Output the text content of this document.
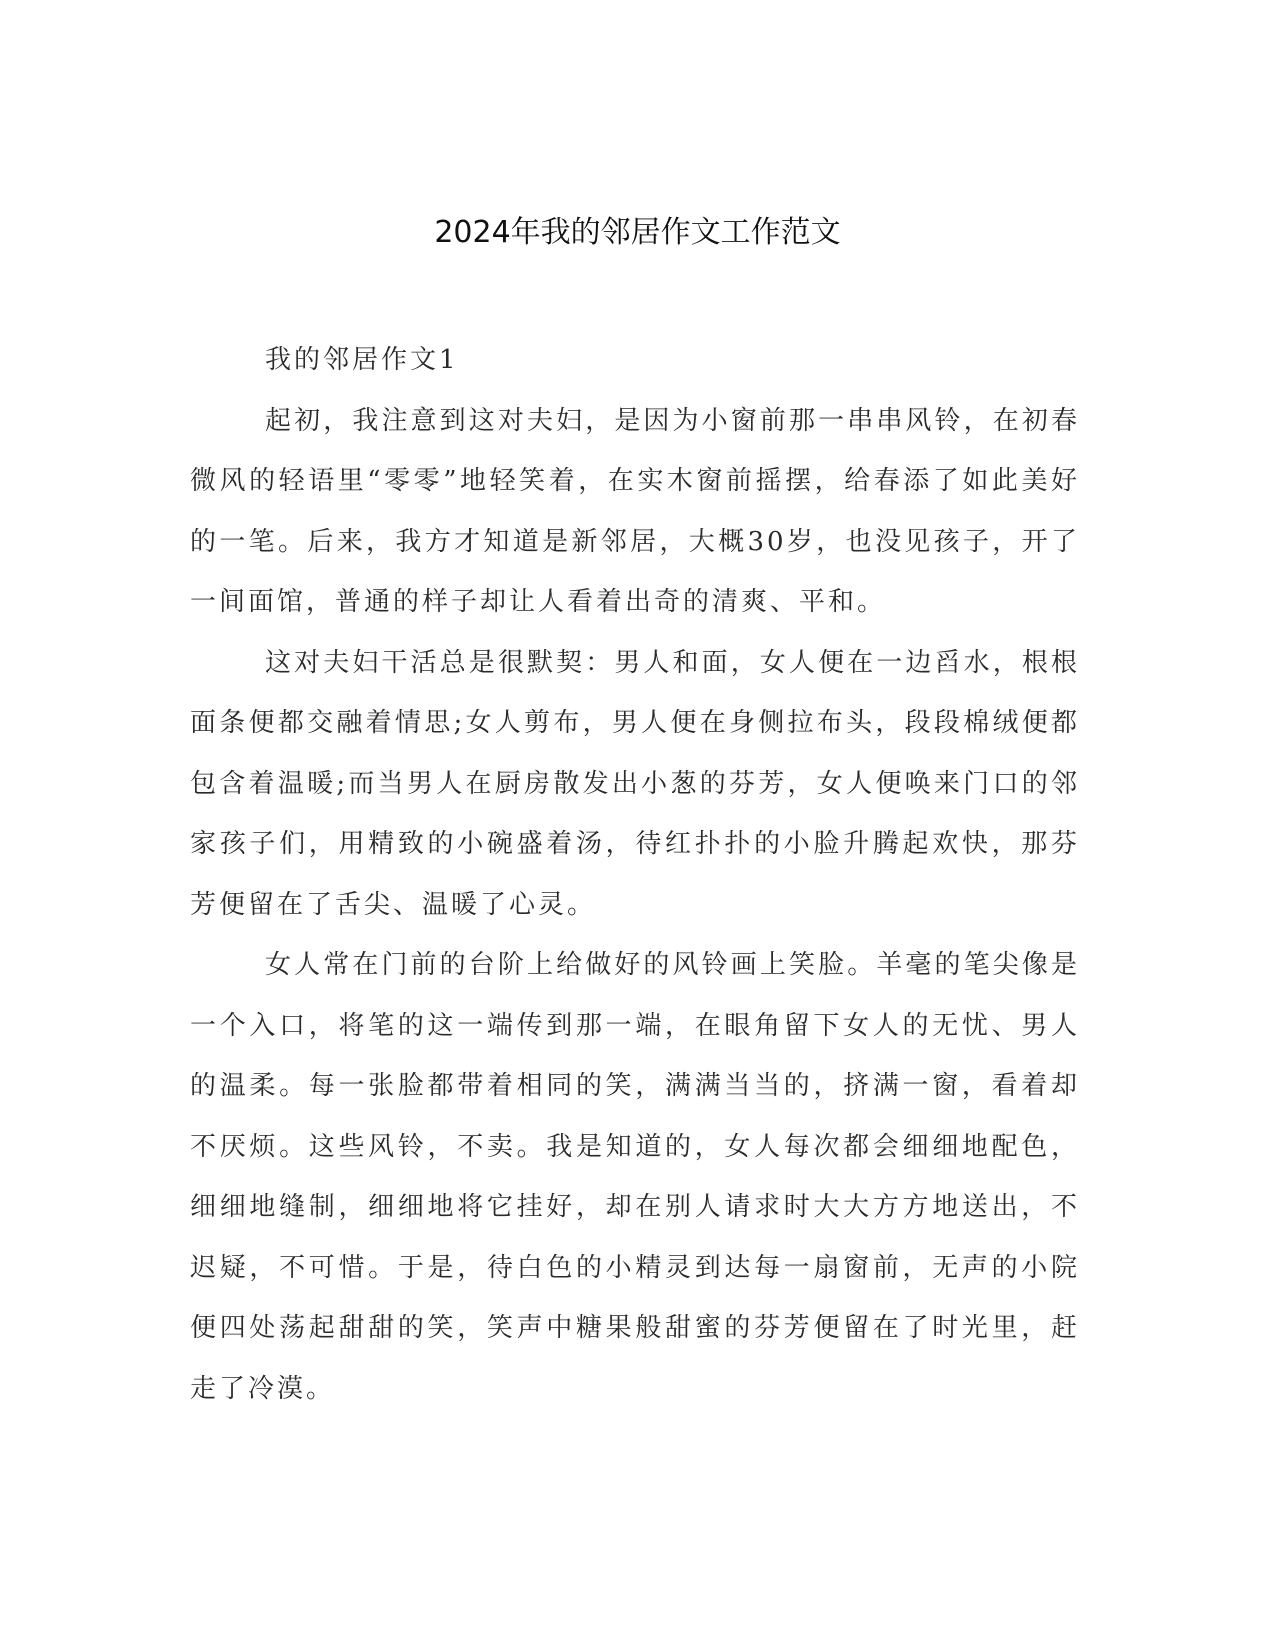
2024年我的邻居作文工作范文

我的邻居作文1

起初，我注意到这对夫妇，是因为小窗前那一串串风铃，在初春微风的轻语里“零零”地轻笑着，在实木窗前摇摆，给春添了如此美好的一笔。后来，我方才知道是新邻居，大概30岁，也没见孩子，开了一间面馆，普通的样子却让人看着出奇的清爽、平和。

这对夫妇干活总是很默契：男人和面，女人便在一边舀水，根根面条便都交融着情思;女人剪布，男人便在身侧拉布头，段段棉绒便都包含着温暖;而当男人在厨房散发出小葱的芬芳，女人便唤来门口的邻家孩子们，用精致的小碗盛着汤，待红扑扑的小脸升腾起欢快，那芬芳便留在了舌尖、温暖了心灵。

女人常在门前的台阶上给做好的风铃画上笑脸。羊毫的笔尖像是一个入口，将笔的这一端传到那一端，在眼角留下女人的无忧、男人的温柔。每一张脸都带着相同的笑，满满当当的，挤满一窗，看着却不厌烦。这些风铃，不卖。我是知道的，女人每次都会细细地配色，细细地缝制，细细地将它挂好，却在别人请求时大大方方地送出，不迟疑，不可惜。于是，待白色的小精灵到达每一扇窗前，无声的小院便四处荡起甜甜的笑，笑声中糖果般甜蜜的芬芳便留在了时光里，赶走了冷漠。
